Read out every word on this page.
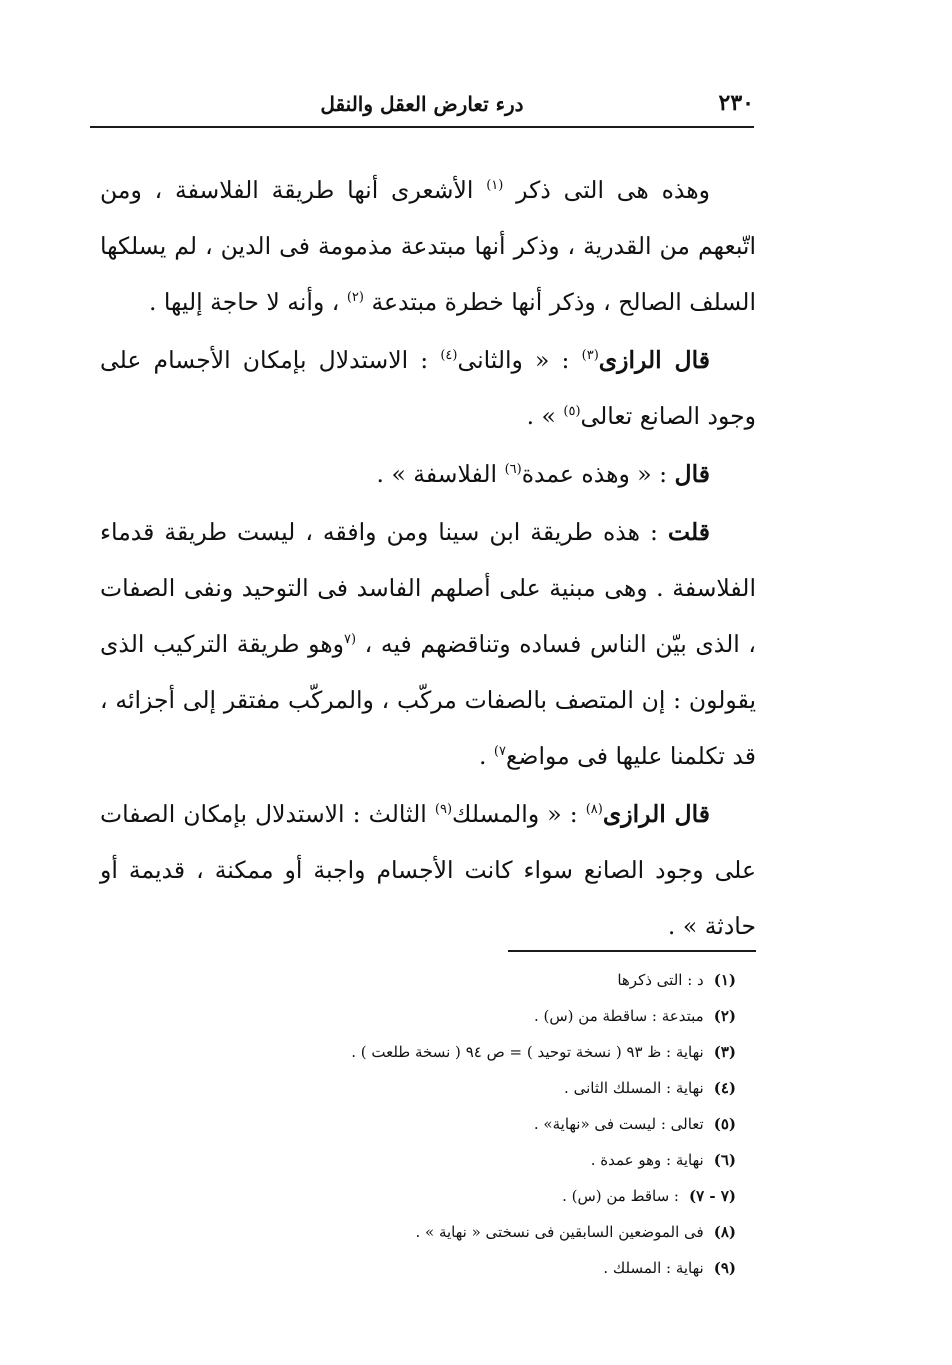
٢٣٠
درء تعارض العقل والنقل

وهذه هى التى ذكر $^{(١)}$ الأشعرى أنها طريقة الفلاسفة ، ومن اتّبعهم من القدرية ، وذكر أنها مبتدعة مذمومة فى الدين ، لم يسلكها السلف الصالح ، وذكر أنها خطرة مبتدعة $^{(٢)}$ ، وأنه لا حاجة إليها .

قال الرازى$^{(٣)}$ : « والثانى$^{(٤)}$ : الاستدلال بإمكان الأجسام على وجود الصانع تعالى$^{(٥)}$ » .

قال : « وهذه عمدة$^{(٦)}$ الفلاسفة » .

قلت : هذه طريقة ابن سينا ومن وافقه ، ليست طريقة قدماء الفلاسفة . وهى مبنية على أصلهم الفاسد فى التوحيد ونفى الصفات ، الذى بيّن الناس فساده وتناقضهم فيه ، $^{(٧}$وهو طريقة التركيب الذى يقولون : إن المتصف بالصفات مركّب ، والمركّب مفتقر إلى أجزائه ، قد تكلمنا عليها فى مواضع$^{٧)}$ .

قال الرازى$^{(٨)}$ : « والمسلك$^{(٩)}$ الثالث : الاستدلال بإمكان الصفات على وجود الصانع سواء كانت الأجسام واجبة أو ممكنة ، قديمة أو حادثة » .

(١)د : التى ذكرها
(٢)مبتدعة : ساقطة من (س) .
(٣)نهاية : ظ ٩٣ ( نسخة توحيد ) = ص ٩٤ ( نسخة طلعت ) .
(٤)نهاية : المسلك الثانى .
(٥)تعالى : ليست فى «نهاية» .
(٦)نهاية : وهو عمدة .
(٧ - ٧): ساقط من (س) .
(٨)فى الموضعين السابقين فى نسختى « نهاية » .
(٩)نهاية : المسلك .
